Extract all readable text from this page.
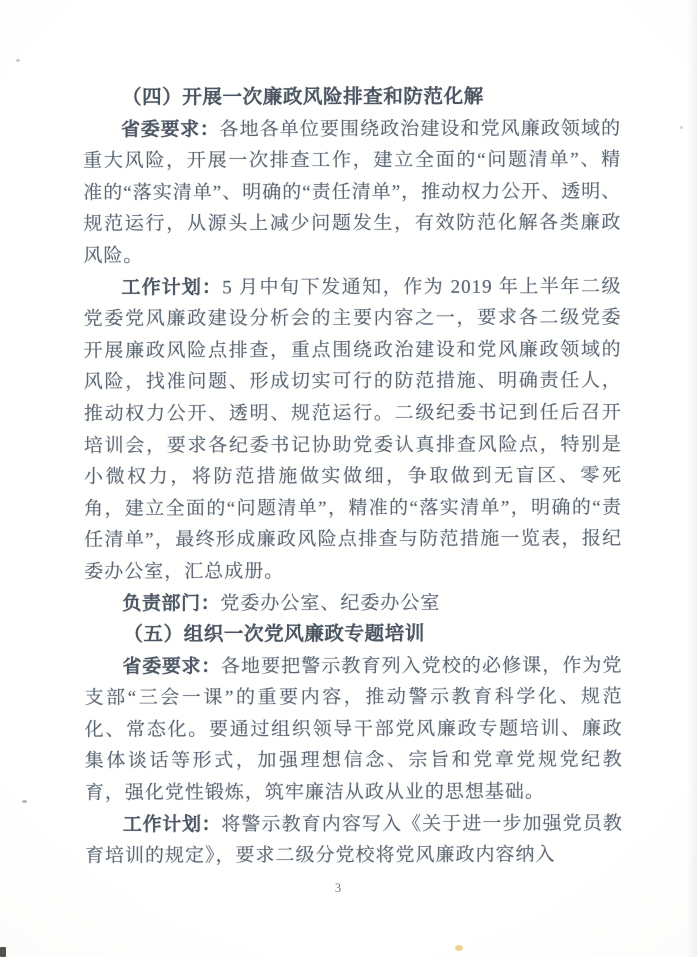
（四）开展一次廉政风险排查和防范化解

省委要求：各地各单位要围绕政治建设和党风廉政领域的重大风险，开展一次排查工作，建立全面的“问题清单”、精准的“落实清单”、明确的“责任清单”，推动权力公开、透明、规范运行，从源头上减少问题发生，有效防范化解各类廉政风险。

工作计划：5 月中旬下发通知，作为 2019 年上半年二级党委党风廉政建设分析会的主要内容之一，要求各二级党委开展廉政风险点排查，重点围绕政治建设和党风廉政领域的风险，找准问题、形成切实可行的防范措施、明确责任人，推动权力公开、透明、规范运行。二级纪委书记到任后召开培训会，要求各纪委书记协助党委认真排查风险点，特别是小微权力，将防范措施做实做细，争取做到无盲区、零死角，建立全面的“问题清单”，精准的“落实清单”，明确的“责任清单”，最终形成廉政风险点排查与防范措施一览表，报纪委办公室，汇总成册。

负责部门：党委办公室、纪委办公室

（五）组织一次党风廉政专题培训

省委要求：各地要把警示教育列入党校的必修课，作为党支部“三会一课”的重要内容，推动警示教育科学化、规范化、常态化。要通过组织领导干部党风廉政专题培训、廉政集体谈话等形式，加强理想信念、宗旨和党章党规党纪教育，强化党性锻炼，筑牢廉洁从政从业的思想基础。

工作计划：将警示教育内容写入《关于进一步加强党员教育培训的规定》，要求二级分党校将党风廉政内容纳入

3
